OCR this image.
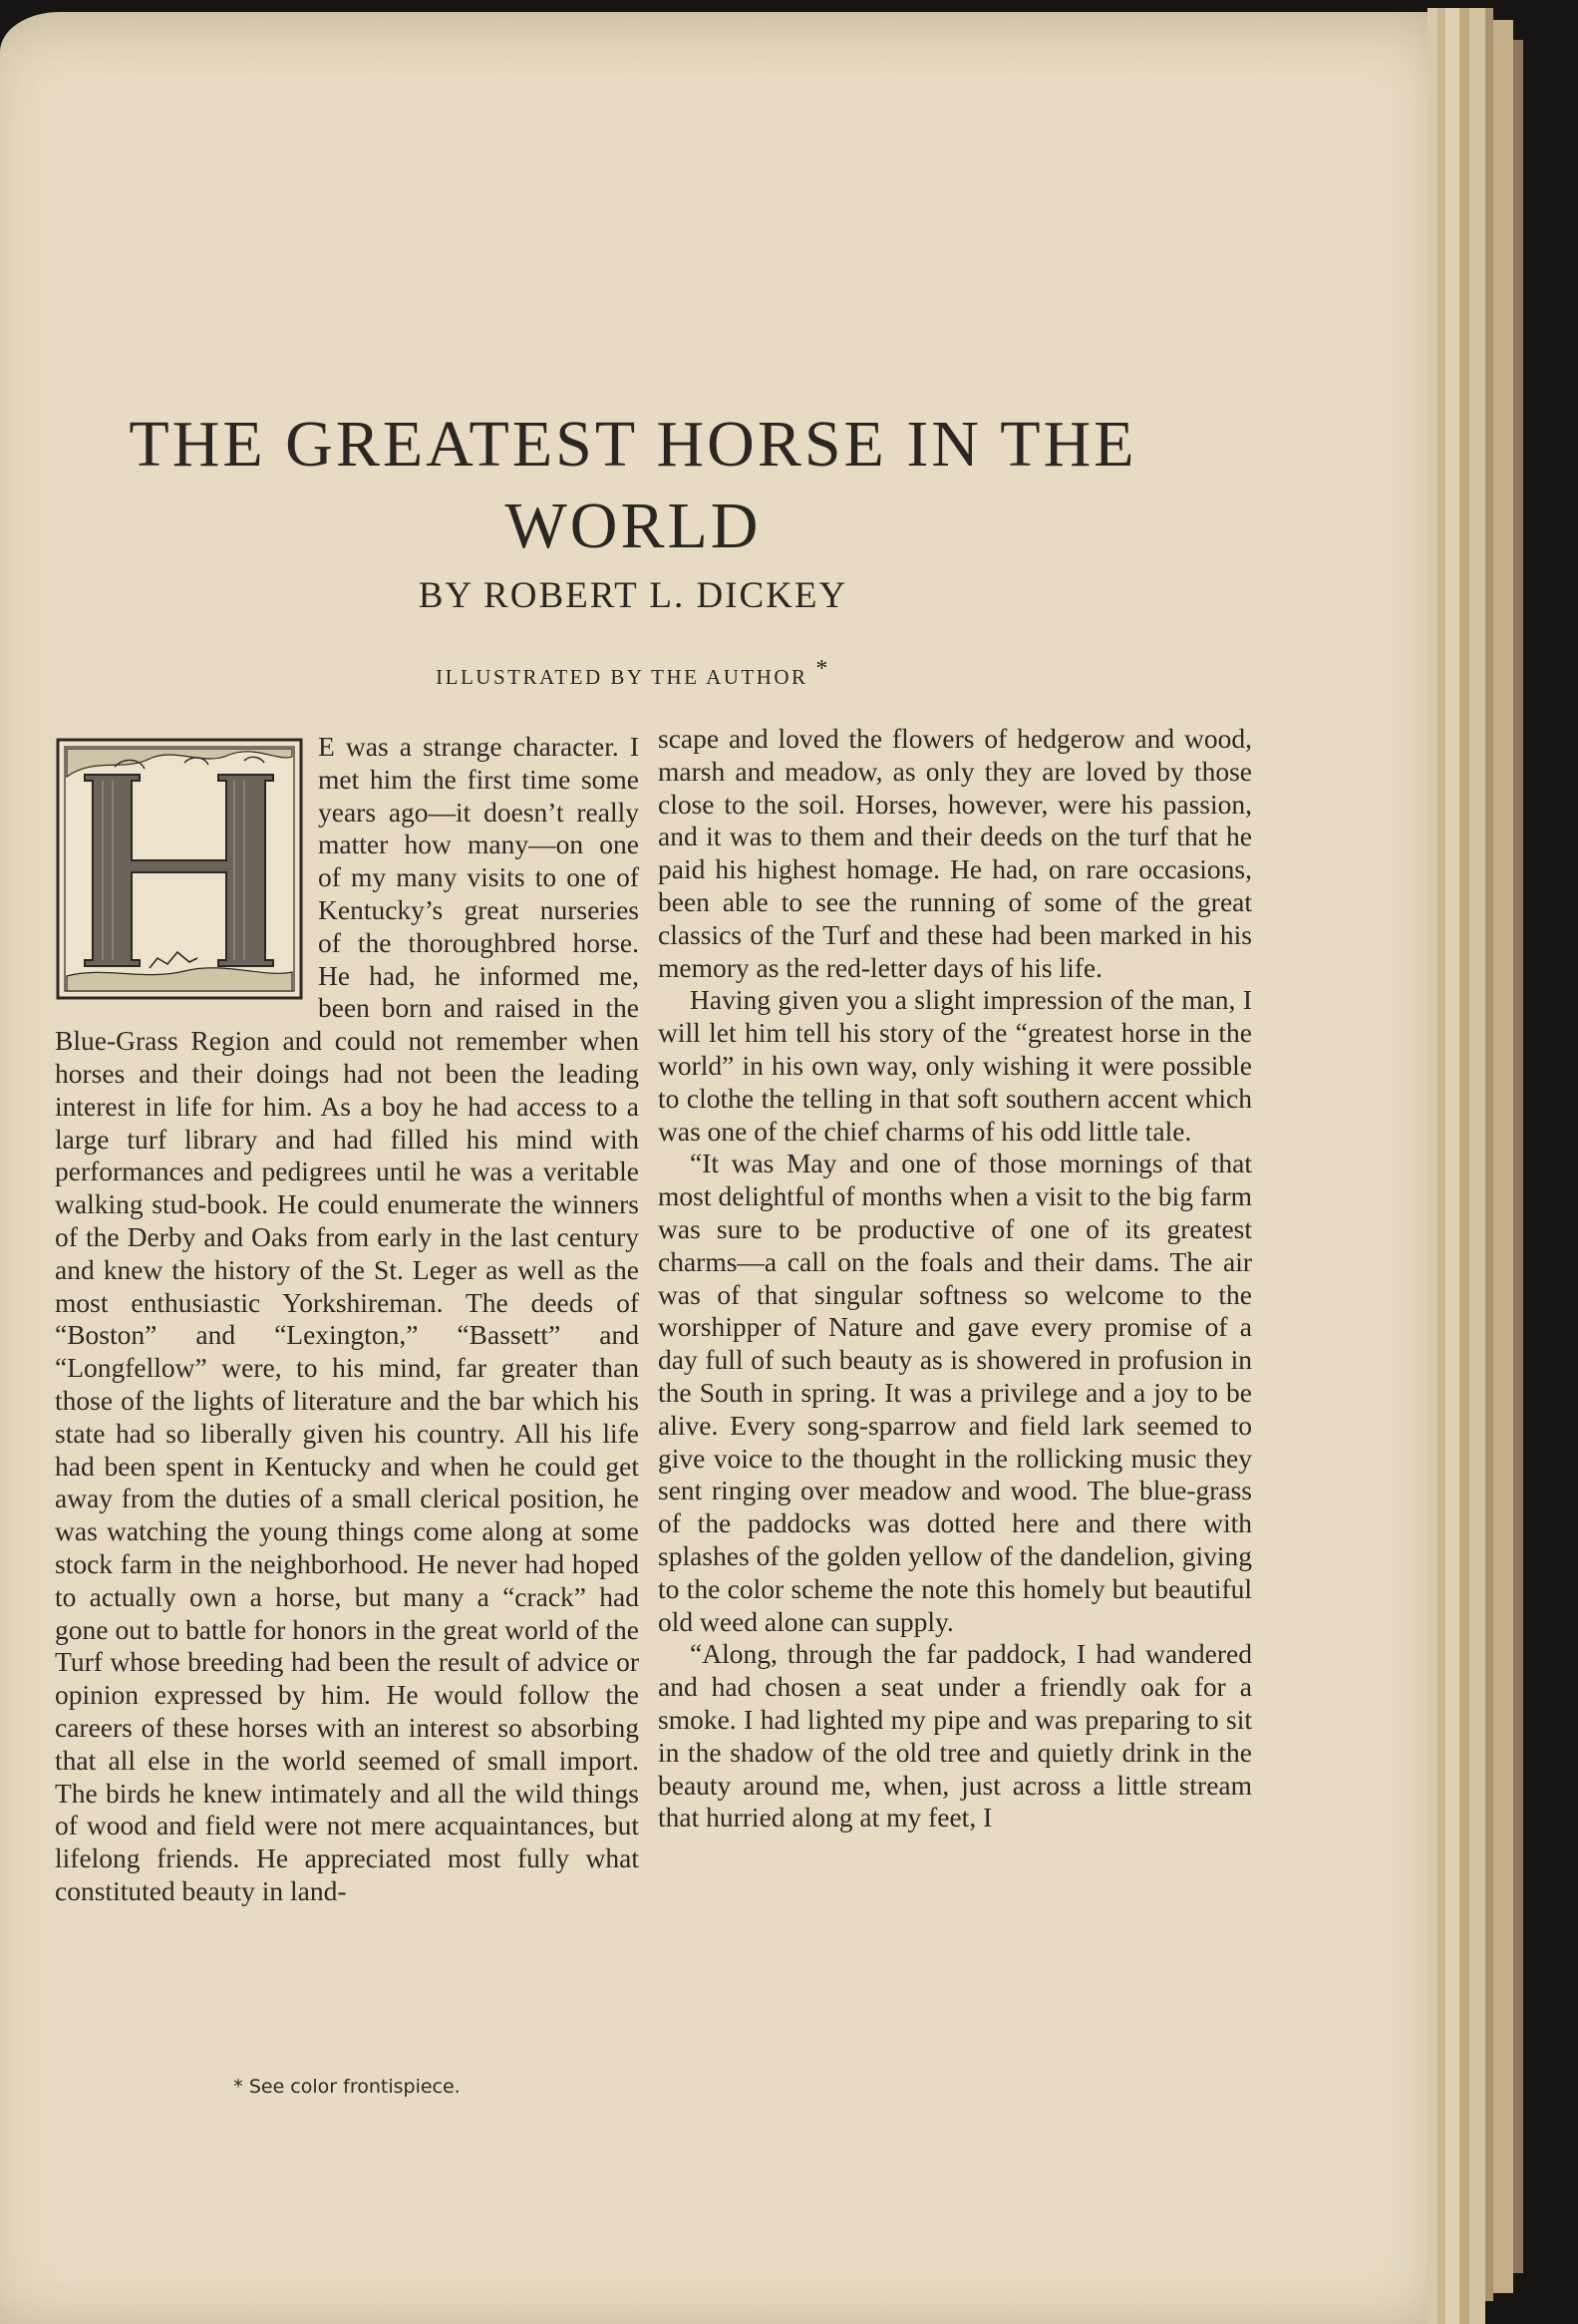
THE GREATEST HORSE IN THE WORLD
BY ROBERT L. DICKEY
ILLUSTRATED BY THE AUTHOR *

E was a strange character. I met him the first time some years ago—it doesn’t really matter how many—on one of my many visits to one of Kentucky’s great nurseries of the thoroughbred horse. He had, he informed me, been born and raised in the Blue-Grass Region and could not remember when horses and their doings had not been the leading interest in life for him. As a boy he had access to a large turf library and had filled his mind with performances and pedigrees until he was a veritable walking stud-book. He could enumerate the winners of the Derby and Oaks from early in the last century and knew the history of the St. Leger as well as the most enthusiastic Yorkshireman. The deeds of “Boston” and “Lexington,” “Bassett” and “Longfellow” were, to his mind, far greater than those of the lights of literature and the bar which his state had so liberally given his country. All his life had been spent in Kentucky and when he could get away from the duties of a small clerical position, he was watching the young things come along at some stock farm in the neighborhood. He never had hoped to actually own a horse, but many a “crack” had gone out to battle for honors in the great world of the Turf whose breeding had been the result of advice or opinion expressed by him. He would follow the careers of these horses with an interest so absorbing that all else in the world seemed of small import. The birds he knew intimately and all the wild things of wood and field were not mere acquaintances, but lifelong friends. He appreciated most fully what constituted beauty in land-

scape and loved the flowers of hedgerow and wood, marsh and meadow, as only they are loved by those close to the soil. Horses, however, were his passion, and it was to them and their deeds on the turf that he paid his highest homage. He had, on rare occasions, been able to see the running of some of the great classics of the Turf and these had been marked in his memory as the red-letter days of his life.

Having given you a slight impression of the man, I will let him tell his story of the “greatest horse in the world” in his own way, only wishing it were possible to clothe the telling in that soft southern accent which was one of the chief charms of his odd little tale.

“It was May and one of those mornings of that most delightful of months when a visit to the big farm was sure to be productive of one of its greatest charms—a call on the foals and their dams. The air was of that singular softness so welcome to the worshipper of Nature and gave every promise of a day full of such beauty as is showered in profusion in the South in spring. It was a privilege and a joy to be alive. Every song-sparrow and field lark seemed to give voice to the thought in the rollicking music they sent ringing over meadow and wood. The blue-grass of the paddocks was dotted here and there with splashes of the golden yellow of the dandelion, giving to the color scheme the note this homely but beautiful old weed alone can supply.

“Along, through the far paddock, I had wandered and had chosen a seat under a friendly oak for a smoke. I had lighted my pipe and was preparing to sit in the shadow of the old tree and quietly drink in the beauty around me, when, just across a little stream that hurried along at my feet, I

* See color frontispiece.
